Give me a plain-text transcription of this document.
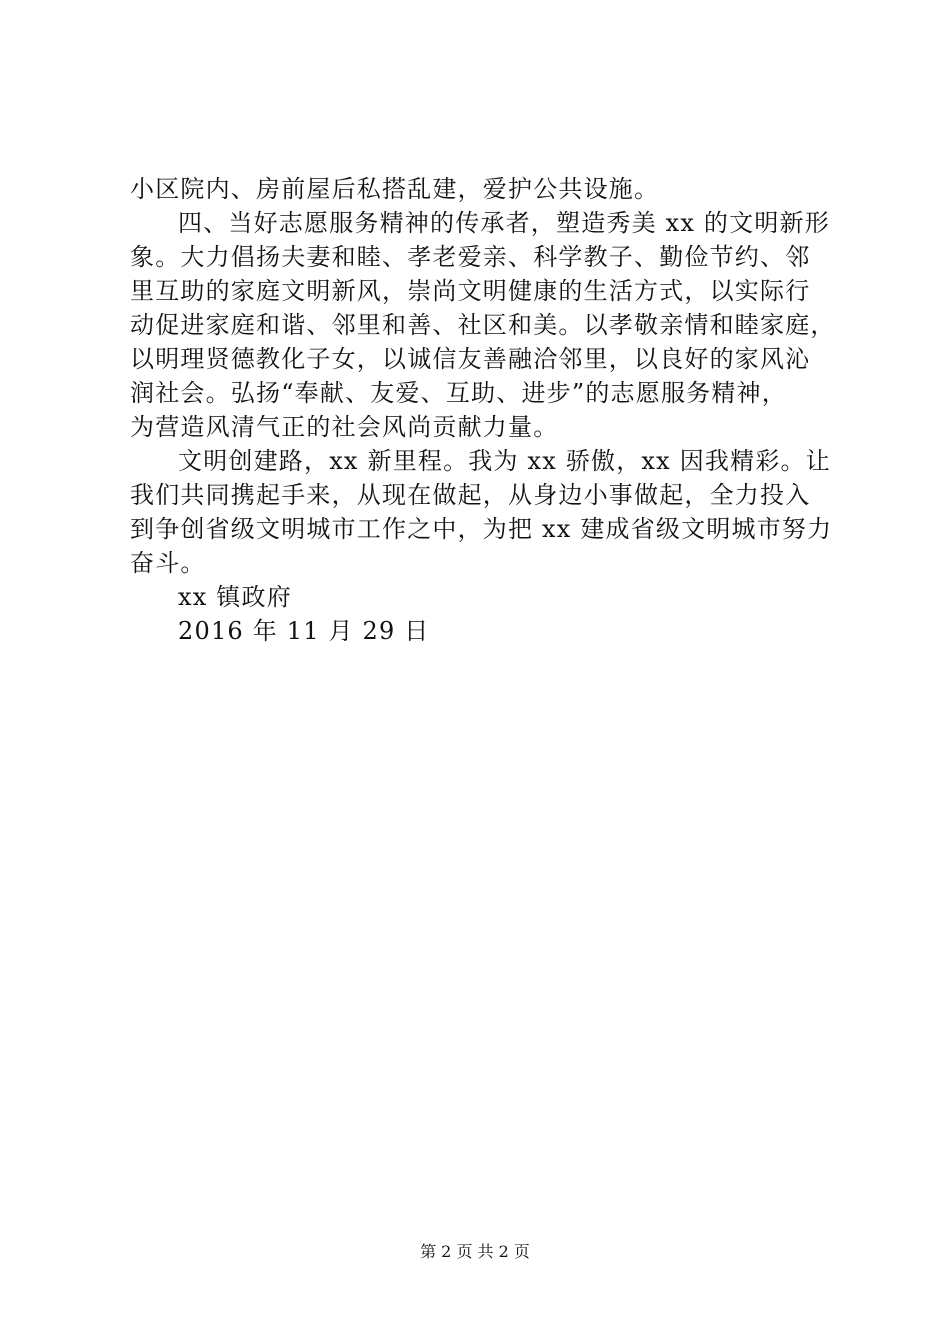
小区院内、房前屋后私搭乱建，爱护公共设施。
四、当好志愿服务精神的传承者，塑造秀美 xx 的文明新形
象。大力倡扬夫妻和睦、孝老爱亲、科学教子、勤俭节约、邻
里互助的家庭文明新风，崇尚文明健康的生活方式，以实际行
动促进家庭和谐、邻里和善、社区和美。以孝敬亲情和睦家庭，
以明理贤德教化子女，以诚信友善融洽邻里，以良好的家风沁
润社会。弘扬“奉献、友爱、互助、进步”的志愿服务精神，
为营造风清气正的社会风尚贡献力量。
文明创建路，xx 新里程。我为 xx 骄傲，xx 因我精彩。让
我们共同携起手来，从现在做起，从身边小事做起，全力投入
到争创省级文明城市工作之中，为把 xx 建成省级文明城市努力
奋斗。
xx 镇政府
2016 年 11 月 29 日
第 2 页 共 2 页
